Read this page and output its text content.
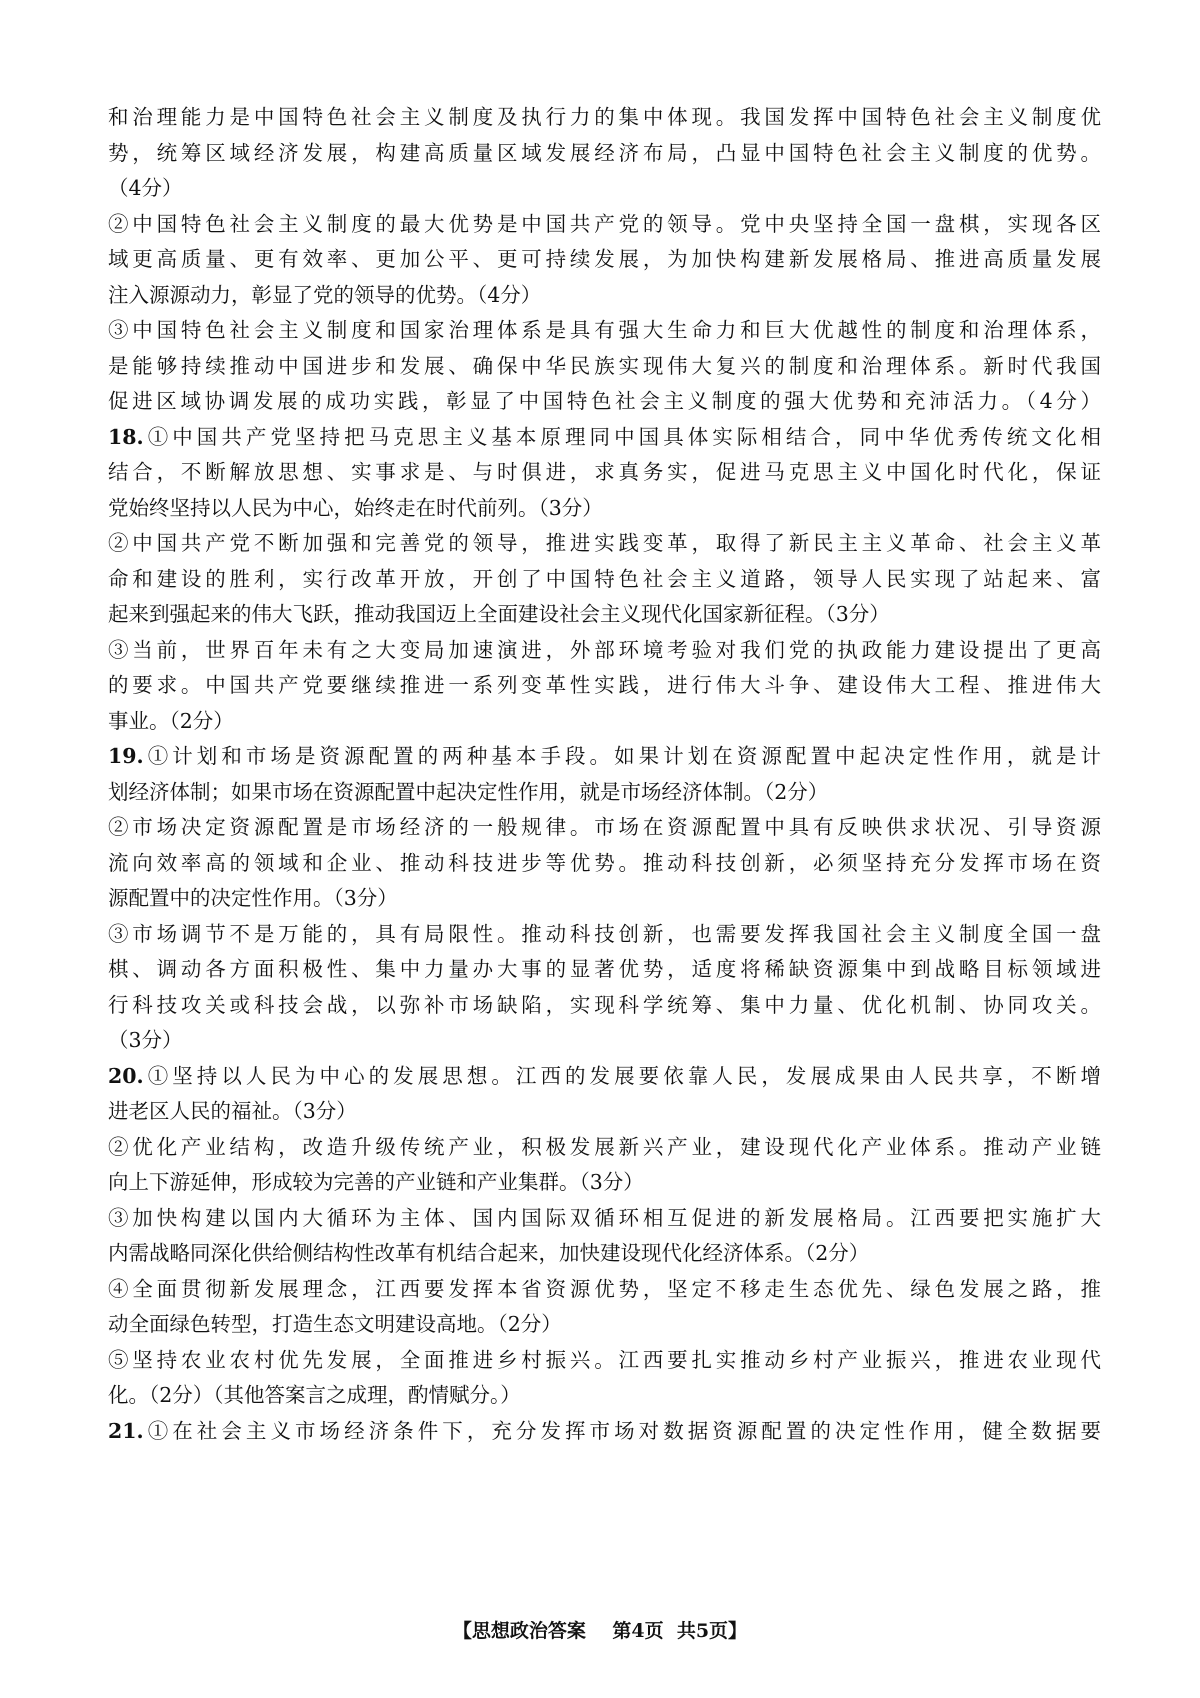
和治理能力是中国特色社会主义制度及执行力的集中体现。我国发挥中国特色社会主义制度优
势，统筹区域经济发展，构建高质量区域发展经济布局，凸显中国特色社会主义制度的优势。
（4分）
②中国特色社会主义制度的最大优势是中国共产党的领导。党中央坚持全国一盘棋，实现各区
域更高质量、更有效率、更加公平、更可持续发展，为加快构建新发展格局、推进高质量发展
注入源源动力，彰显了党的领导的优势。（4分）
③中国特色社会主义制度和国家治理体系是具有强大生命力和巨大优越性的制度和治理体系，
是能够持续推动中国进步和发展、确保中华民族实现伟大复兴的制度和治理体系。新时代我国
促进区域协调发展的成功实践，彰显了中国特色社会主义制度的强大优势和充沛活力。（4分）
18.①中国共产党坚持把马克思主义基本原理同中国具体实际相结合，同中华优秀传统文化相
结合，不断解放思想、实事求是、与时俱进，求真务实，促进马克思主义中国化时代化，保证
党始终坚持以人民为中心，始终走在时代前列。（3分）
②中国共产党不断加强和完善党的领导，推进实践变革，取得了新民主主义革命、社会主义革
命和建设的胜利，实行改革开放，开创了中国特色社会主义道路，领导人民实现了站起来、富
起来到强起来的伟大飞跃，推动我国迈上全面建设社会主义现代化国家新征程。（3分）
③当前，世界百年未有之大变局加速演进，外部环境考验对我们党的执政能力建设提出了更高
的要求。中国共产党要继续推进一系列变革性实践，进行伟大斗争、建设伟大工程、推进伟大
事业。（2分）
19.①计划和市场是资源配置的两种基本手段。如果计划在资源配置中起决定性作用，就是计
划经济体制；如果市场在资源配置中起决定性作用，就是市场经济体制。（2分）
②市场决定资源配置是市场经济的一般规律。市场在资源配置中具有反映供求状况、引导资源
流向效率高的领域和企业、推动科技进步等优势。推动科技创新，必须坚持充分发挥市场在资
源配置中的决定性作用。（3分）
③市场调节不是万能的，具有局限性。推动科技创新，也需要发挥我国社会主义制度全国一盘
棋、调动各方面积极性、集中力量办大事的显著优势，适度将稀缺资源集中到战略目标领域进
行科技攻关或科技会战，以弥补市场缺陷，实现科学统筹、集中力量、优化机制、协同攻关。
（3分）
20.①坚持以人民为中心的发展思想。江西的发展要依靠人民，发展成果由人民共享，不断增
进老区人民的福祉。（3分）
②优化产业结构，改造升级传统产业，积极发展新兴产业，建设现代化产业体系。推动产业链
向上下游延伸，形成较为完善的产业链和产业集群。（3分）
③加快构建以国内大循环为主体、国内国际双循环相互促进的新发展格局。江西要把实施扩大
内需战略同深化供给侧结构性改革有机结合起来，加快建设现代化经济体系。（2分）
④全面贯彻新发展理念，江西要发挥本省资源优势，坚定不移走生态优先、绿色发展之路，推
动全面绿色转型，打造生态文明建设高地。（2分）
⑤坚持农业农村优先发展，全面推进乡村振兴。江西要扎实推动乡村产业振兴，推进农业现代
化。（2分）（其他答案言之成理，酌情赋分。）
21.①在社会主义市场经济条件下，充分发挥市场对数据资源配置的决定性作用，健全数据要
【思想政治答案    第4页  共5页】
